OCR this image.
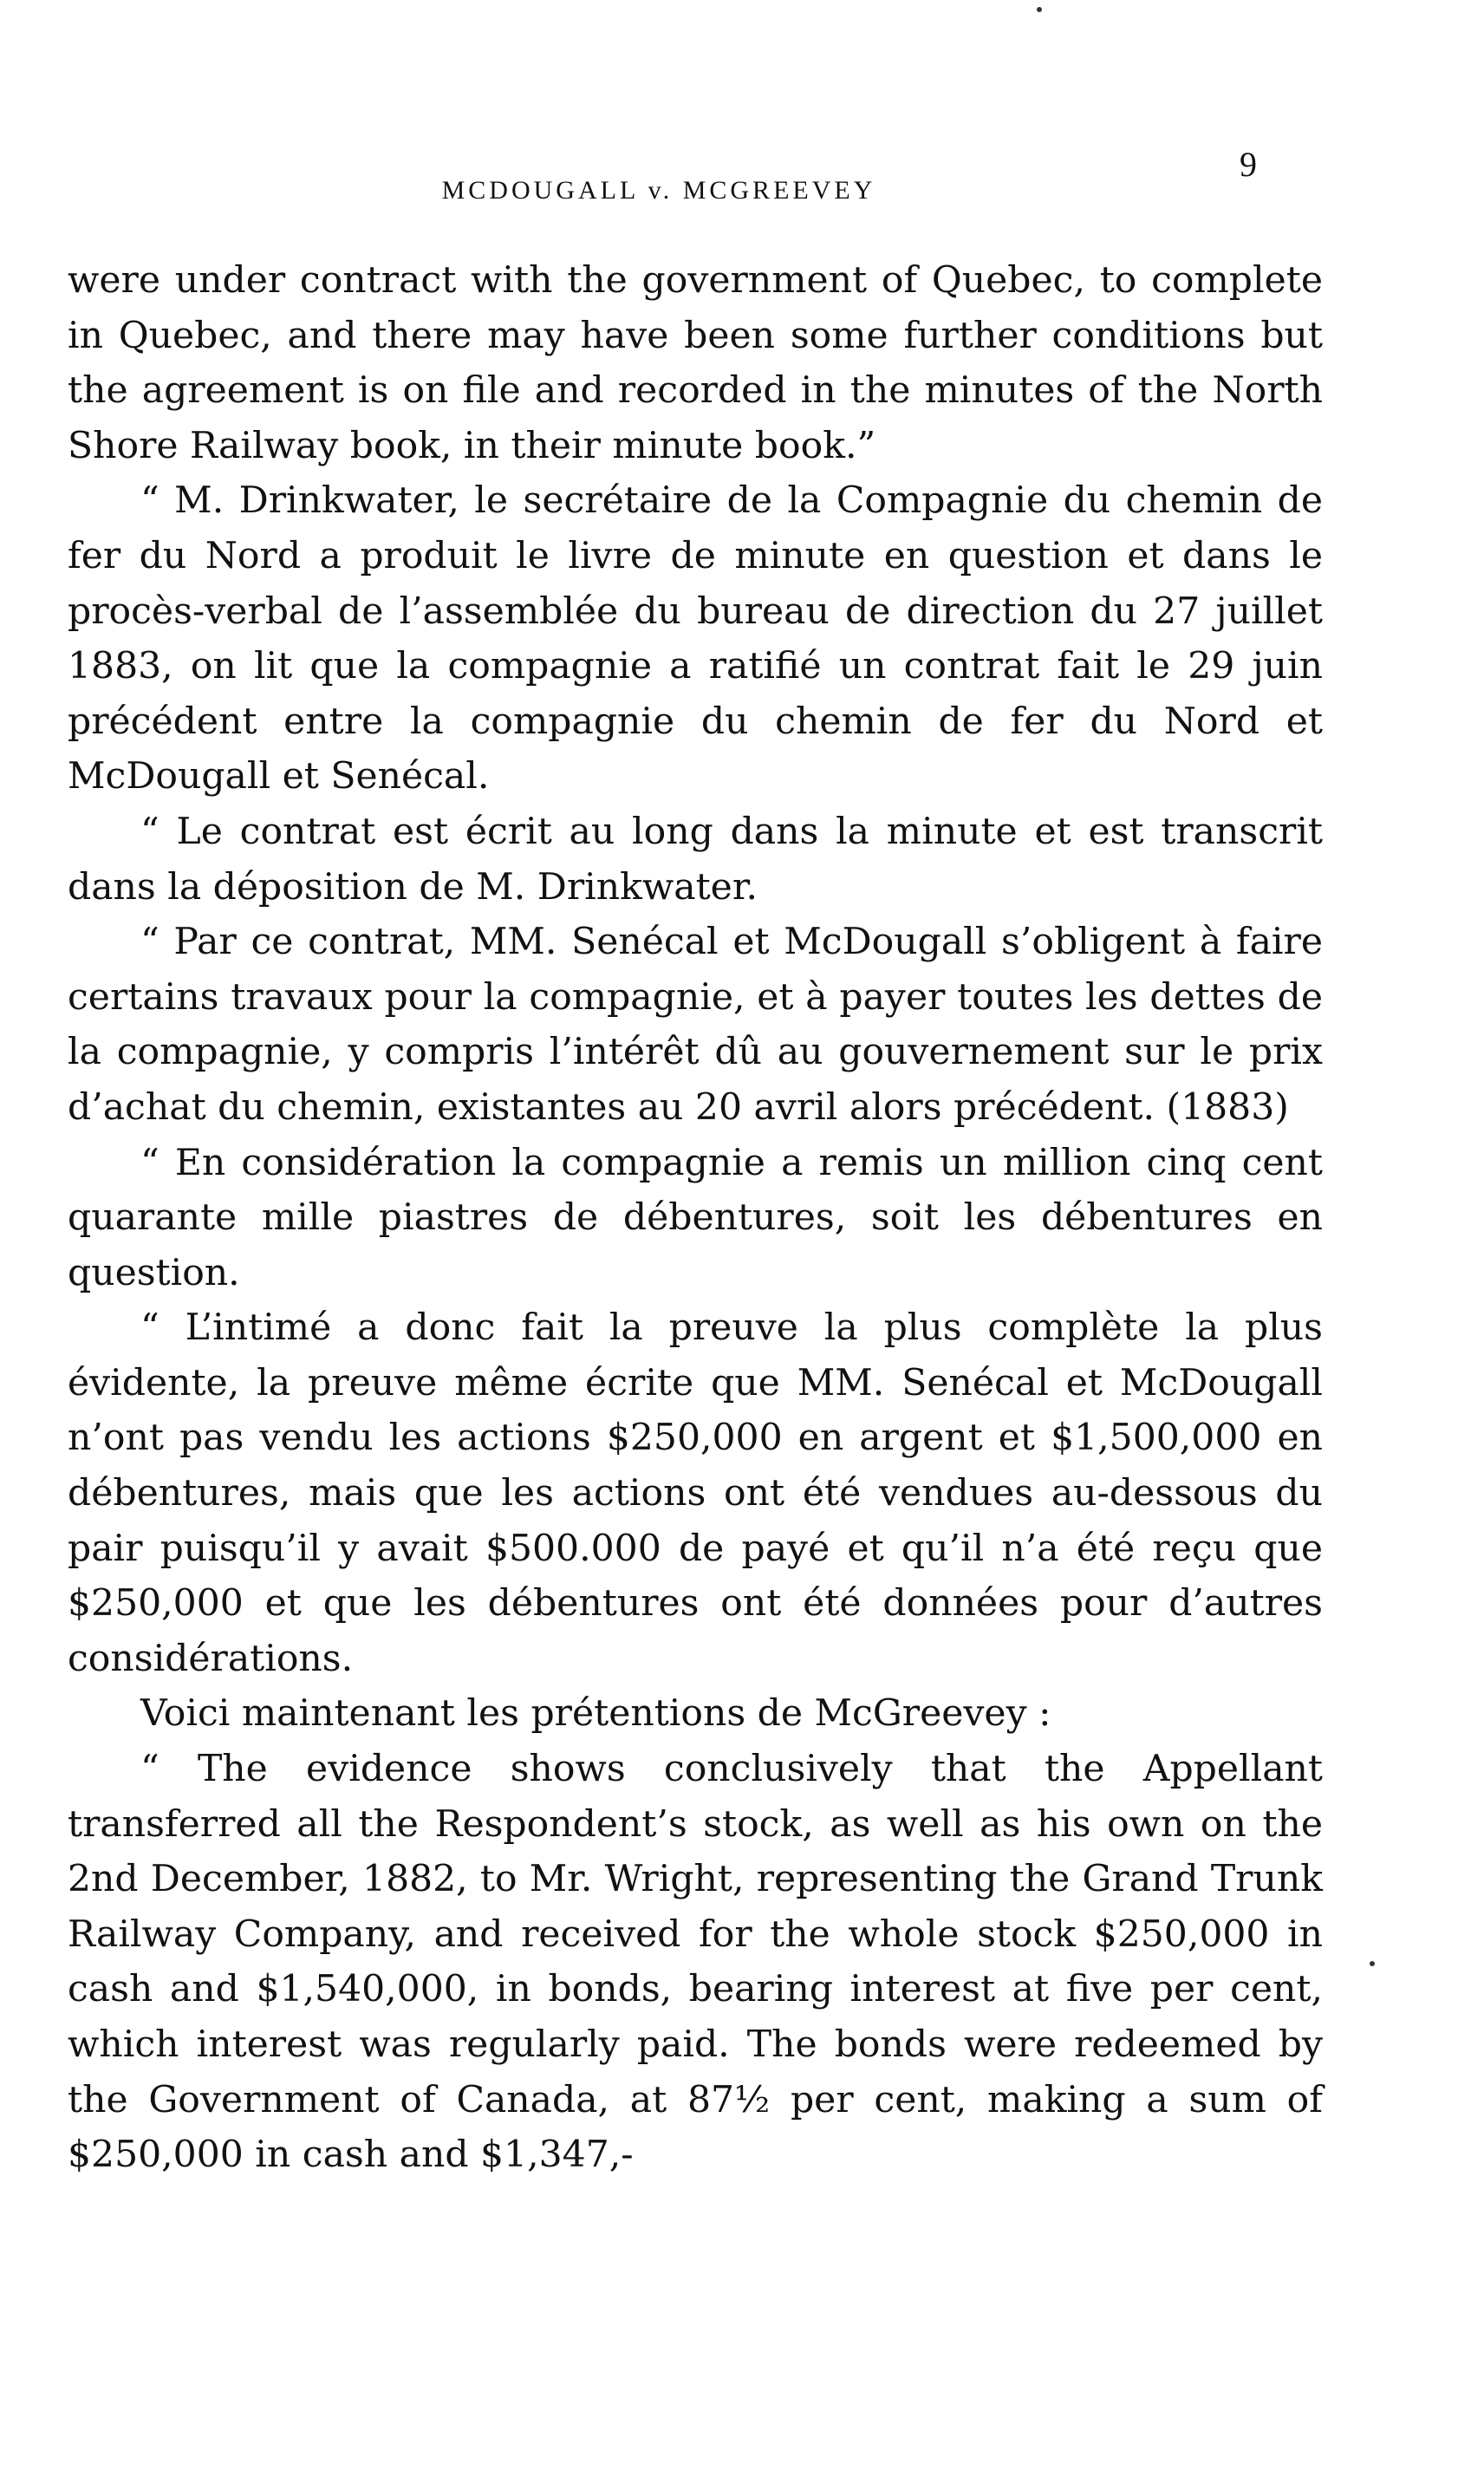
MCDOUGALL v. MCGREEVEY
9

were under contract with the government of Quebec, to complete in Quebec, and there may have been some further conditions but the agreement is on file and recorded in the minutes of the North Shore Railway book, in their minute book.”

“ M. Drinkwater, le secrétaire de la Compagnie du chemin de fer du Nord a produit le livre de minute en question et dans le procès-verbal de l’assemblée du bureau de direction du 27 juillet 1883, on lit que la compagnie a ratifié un contrat fait le 29 juin précédent entre la compagnie du chemin de fer du Nord et McDougall et Senécal.

“ Le contrat est écrit au long dans la minute et est transcrit dans la déposition de M. Drinkwater.

“ Par ce contrat, MM. Senécal et McDougall s’obligent à faire certains travaux pour la compagnie, et à payer toutes les dettes de la compagnie, y compris l’intérêt dû au gouvernement sur le prix d’achat du chemin, existantes au 20 avril alors précédent. (1883)

“ En considération la compagnie a remis un million cinq cent quarante mille piastres de débentures, soit les débentures en question.

“ L’intimé a donc fait la preuve la plus complète la plus évidente, la preuve même écrite que MM. Senécal et McDougall n’ont pas vendu les actions $250,000 en argent et $1,500,000 en débentures, mais que les actions ont été vendues au-dessous du pair puisqu’il y avait $500.000 de payé et qu’il n’a été reçu que $250,000 et que les débentures ont été données pour d’autres considérations.

Voici maintenant les prétentions de McGreevey :

“ The evidence shows conclusively that the Appellant transferred all the Respondent’s stock, as well as his own on the 2nd December, 1882, to Mr. Wright, representing the Grand Trunk Railway Company, and received for the whole stock $250,000 in cash and $1,540,000, in bonds, bearing interest at five per cent, which interest was regularly paid. The bonds were redeemed by the Government of Canada, at 87½ per cent, making a sum of $250,000 in cash and $1,347,-
